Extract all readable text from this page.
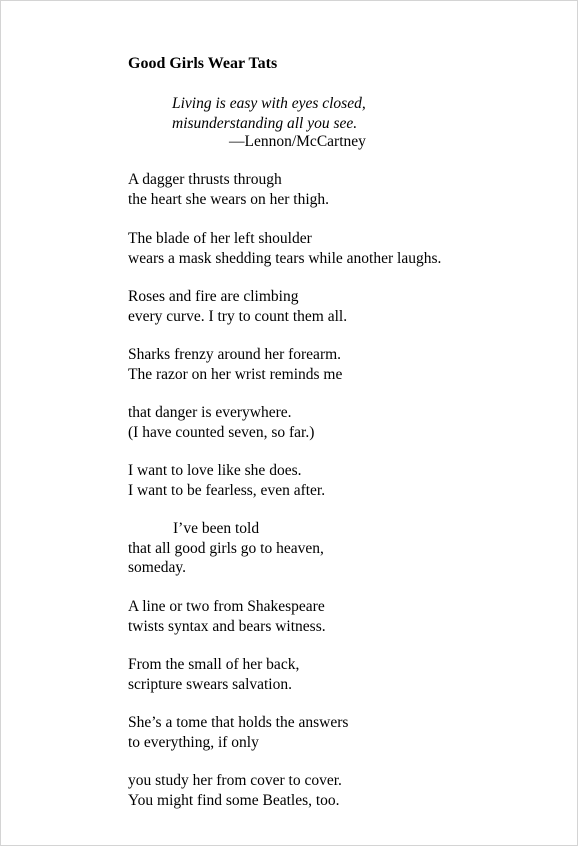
Good Girls Wear Tats
Living is easy with eyes closed,
misunderstanding all you see.
—Lennon/McCartney
A dagger thrusts through
the heart she wears on her thigh.
The blade of her left shoulder
wears a mask shedding tears while another laughs.
Roses and fire are climbing
every curve. I try to count them all.
Sharks frenzy around her forearm.
The razor on her wrist reminds me
that danger is everywhere.
(I have counted seven, so far.)
I want to love like she does.
I want to be fearless, even after.
I’ve been told
that all good girls go to heaven,
someday.
A line or two from Shakespeare
twists syntax and bears witness.
From the small of her back,
scripture swears salvation.
She’s a tome that holds the answers
to everything, if only
you study her from cover to cover.
You might find some Beatles, too.
